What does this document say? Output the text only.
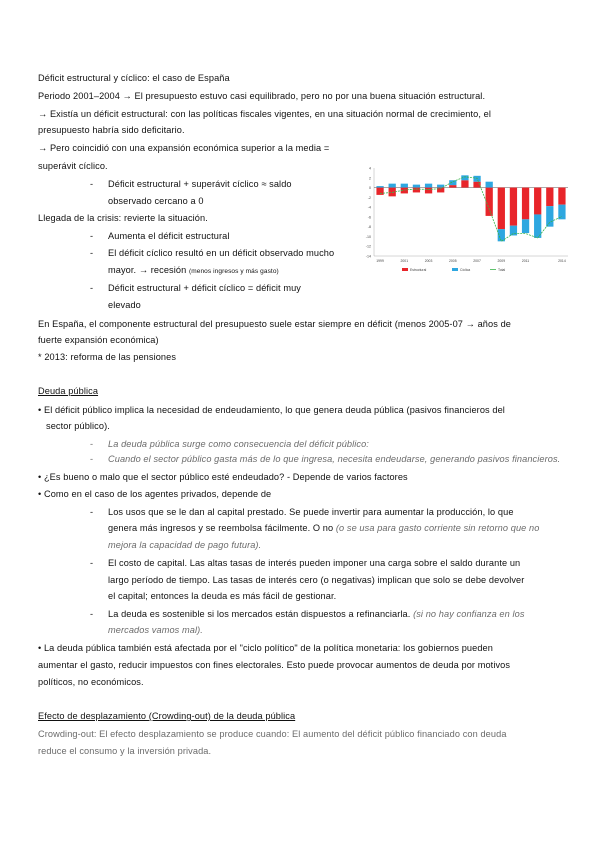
Déficit estructural y cíclico: el caso de España
Periodo 2001–2004 → El presupuesto estuvo casi equilibrado, pero no por una buena situación estructural.
→ Existía un déficit estructural: con las políticas fiscales vigentes, en una situación normal de crecimiento, el
presupuesto habría sido deficitario.
→ Pero coincidió con una expansión económica superior a la media =
superávit cíclico.
- Déficit estructural + superávit cíclico ≈ saldo
observado cercano a 0
Llegada de la crisis: revierte la situación.
- Aumenta el déficit estructural
- El déficit cíclico resultó en un déficit observado mucho
mayor. → recesión (menos ingresos y más gasto)
- Déficit estructural + déficit cíclico = déficit muy
elevado
En España, el componente estructural del presupuesto suele estar siempre en déficit (menos 2005-07 → años de
fuerte expansión económica)
* 2013: reforma de las pensiones
Deuda pública
• El déficit público implica la necesidad de endeudamiento, lo que genera deuda pública (pasivos financieros del
sector público).
- La deuda pública surge como consecuencia del déficit público:
- Cuando el sector público gasta más de lo que ingresa, necesita endeudarse, generando pasivos financieros.
• ¿Es bueno o malo que el sector público esté endeudado? - Depende de varios factores
• Como en el caso de los agentes privados, depende de
- Los usos que se le dan al capital prestado. Se puede invertir para aumentar la producción, lo que
genera más ingresos y se reembolsa fácilmente. O no (o se usa para gasto corriente sin retorno que no
mejora la capacidad de pago futura).
- El costo de capital. Las altas tasas de interés pueden imponer una carga sobre el saldo durante un
largo período de tiempo. Las tasas de interés cero (o negativas) implican que solo se debe devolver
el capital; entonces la deuda es más fácil de gestionar.
- La deuda es sostenible si los mercados están dispuestos a refinanciarla. (si no hay confianza en los
mercados vamos mal).
• La deuda pública también está afectada por el "ciclo político" de la política monetaria: los gobiernos pueden
aumentar el gasto, reducir impuestos con fines electorales. Esto puede provocar aumentos de deuda por motivos
políticos, no económicos.
Efecto de desplazamiento (Crowding-out) de la deuda pública
Crowding-out: El efecto desplazamiento se produce cuando: El aumento del déficit público financiado con deuda
reduce el consumo y la inversión privada.
4
2
0
-2
-4
-6
-8
-10
-12
-14
1999	2001	2003	2005	2007	2009	2011	2014
Estructural	Cíclica	Total
